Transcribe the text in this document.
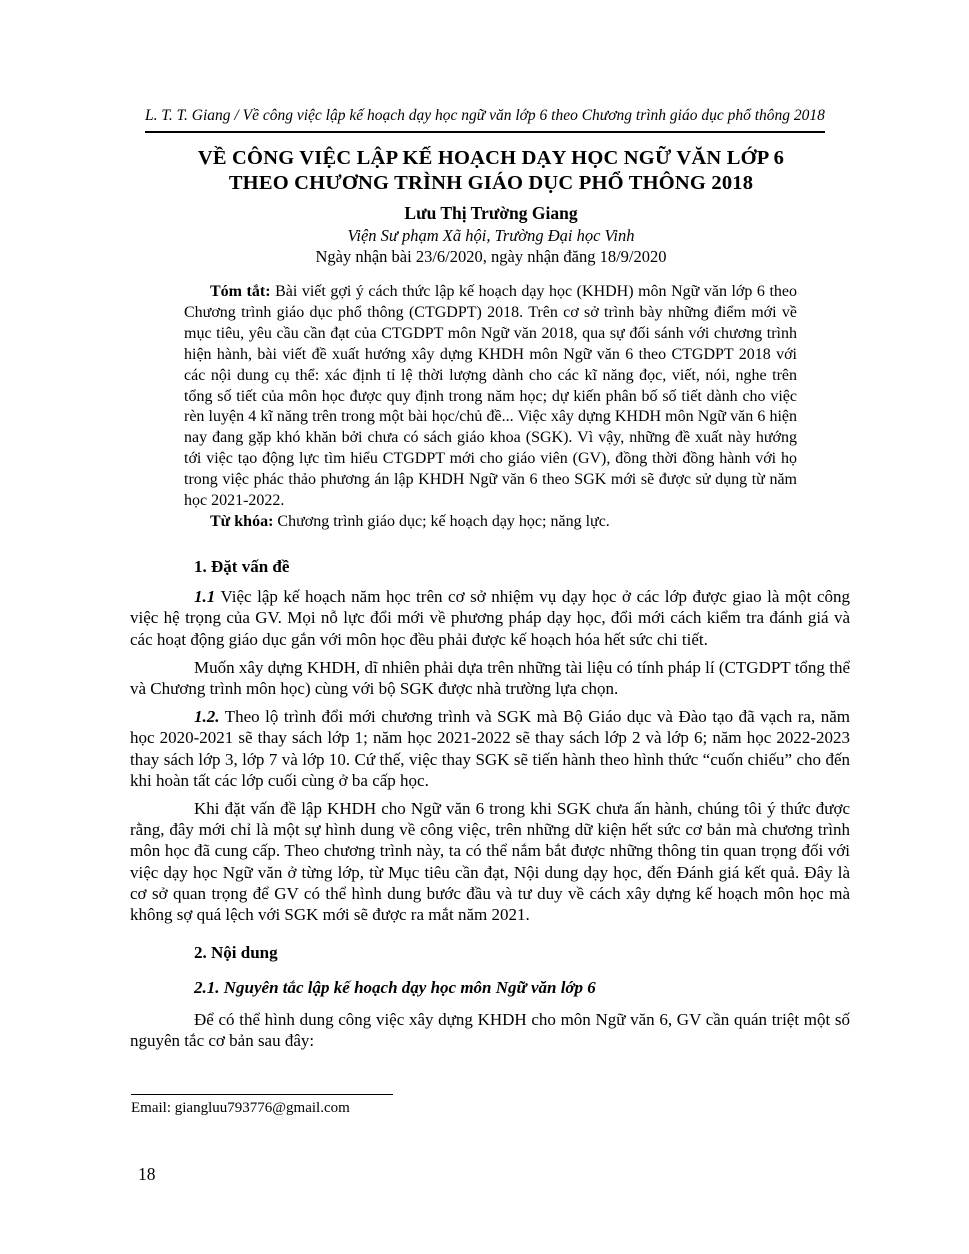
L. T. T. Giang / Về công việc lập kế hoạch dạy học ngữ văn lớp 6 theo Chương trình giáo dục phổ thông 2018
VỀ CÔNG VIỆC LẬP KẾ HOẠCH DẠY HỌC NGỮ VĂN LỚP 6
THEO CHƯƠNG TRÌNH GIÁO DỤC PHỔ THÔNG 2018
Lưu Thị Trường Giang
Viện Sư phạm Xã hội, Trường Đại học Vinh
Ngày nhận bài 23/6/2020, ngày nhận đăng 18/9/2020

Tóm tắt: Bài viết gợi ý cách thức lập kế hoạch dạy học (KHDH) môn Ngữ văn lớp 6 theo Chương trình giáo dục phổ thông (CTGDPT) 2018. Trên cơ sở trình bày những điểm mới về mục tiêu, yêu cầu cần đạt của CTGDPT môn Ngữ văn 2018, qua sự đối sánh với chương trình hiện hành, bài viết đề xuất hướng xây dựng KHDH môn Ngữ văn 6 theo CTGDPT 2018 với các nội dung cụ thể: xác định tỉ lệ thời lượng dành cho các kĩ năng đọc, viết, nói, nghe trên tổng số tiết của môn học được quy định trong năm học; dự kiến phân bố số tiết dành cho việc rèn luyện 4 kĩ năng trên trong một bài học/chủ đề... Việc xây dựng KHDH môn Ngữ văn 6 hiện nay đang gặp khó khăn bởi chưa có sách giáo khoa (SGK). Vì vậy, những đề xuất này hướng tới việc tạo động lực tìm hiểu CTGDPT mới cho giáo viên (GV), đồng thời đồng hành với họ trong việc phác thảo phương án lập KHDH Ngữ văn 6 theo SGK mới sẽ được sử dụng từ năm học 2021-2022.

Từ khóa: Chương trình giáo dục; kế hoạch dạy học; năng lực.

1. Đặt vấn đề

1.1 Việc lập kế hoạch năm học trên cơ sở nhiệm vụ dạy học ở các lớp được giao là một công việc hệ trọng của GV. Mọi nỗ lực đổi mới về phương pháp dạy học, đổi mới cách kiểm tra đánh giá và các hoạt động giáo dục gắn với môn học đều phải được kế hoạch hóa hết sức chi tiết.

Muốn xây dựng KHDH, dĩ nhiên phải dựa trên những tài liệu có tính pháp lí (CTGDPT tổng thể và Chương trình môn học) cùng với bộ SGK được nhà trường lựa chọn.

1.2. Theo lộ trình đổi mới chương trình và SGK mà Bộ Giáo dục và Đào tạo đã vạch ra, năm học 2020-2021 sẽ thay sách lớp 1; năm học 2021-2022 sẽ thay sách lớp 2 và lớp 6; năm học 2022-2023 thay sách lớp 3, lớp 7 và lớp 10. Cứ thế, việc thay SGK sẽ tiến hành theo hình thức “cuốn chiếu” cho đến khi hoàn tất các lớp cuối cùng ở ba cấp học.

Khi đặt vấn đề lập KHDH cho Ngữ văn 6 trong khi SGK chưa ấn hành, chúng tôi ý thức được rằng, đây mới chỉ là một sự hình dung về công việc, trên những dữ kiện hết sức cơ bản mà chương trình môn học đã cung cấp. Theo chương trình này, ta có thể nắm bắt được những thông tin quan trọng đối với việc dạy học Ngữ văn ở từng lớp, từ Mục tiêu cần đạt, Nội dung dạy học, đến Đánh giá kết quả. Đây là cơ sở quan trọng để GV có thể hình dung bước đầu và tư duy về cách xây dựng kế hoạch môn học mà không sợ quá lệch với SGK mới sẽ được ra mắt năm 2021.

2. Nội dung
2.1. Nguyên tắc lập kế hoạch dạy học môn Ngữ văn lớp 6

Để có thể hình dung công việc xây dựng KHDH cho môn Ngữ văn 6, GV cần quán triệt một số nguyên tắc cơ bản sau đây:

Email: giangluu793776@gmail.com
18
